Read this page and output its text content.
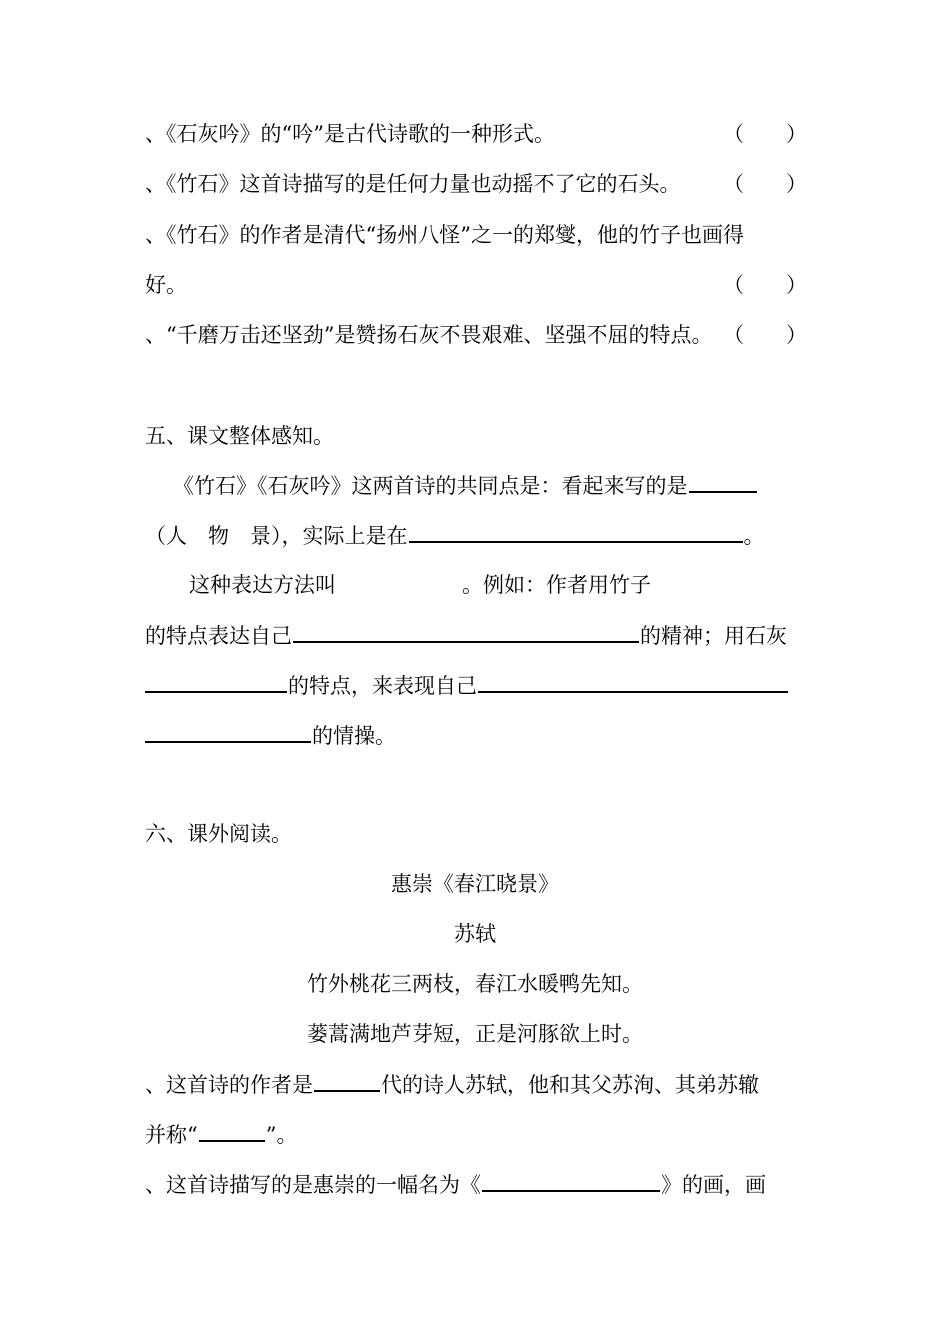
、《石灰吟》的“吟”是古代诗歌的一种形式。	（　　）
、《竹石》这首诗描写的是任何力量也动摇不了它的石头。 （　　）
、《竹石》的作者是清代“扬州八怪”之一的郑燮，他的竹子也画得
好。	（　　）
、“千磨万击还坚劲”是赞扬石灰不畏艰难、坚强不屈的特点。 （　　）
五、课文整体感知。
《竹石》《石灰吟》这两首诗的共同点是：看起来写的是
（人　物　景），实际上是在	。
这种表达方法叫	。例如：作者用竹子
的特点表达自己	的精神；用石灰
的特点，来表现自己
的情操。
六、课外阅读。
惠崇《春江晓景》
苏轼
竹外桃花三两枝，春江水暖鸭先知。
蒌蒿满地芦芽短，正是河豚欲上时。
、这首诗的作者是	代的诗人苏轼，他和其父苏洵、其弟苏辙
并称“	”。
、这首诗描写的是惠崇的一幅名为《	》的画，画
